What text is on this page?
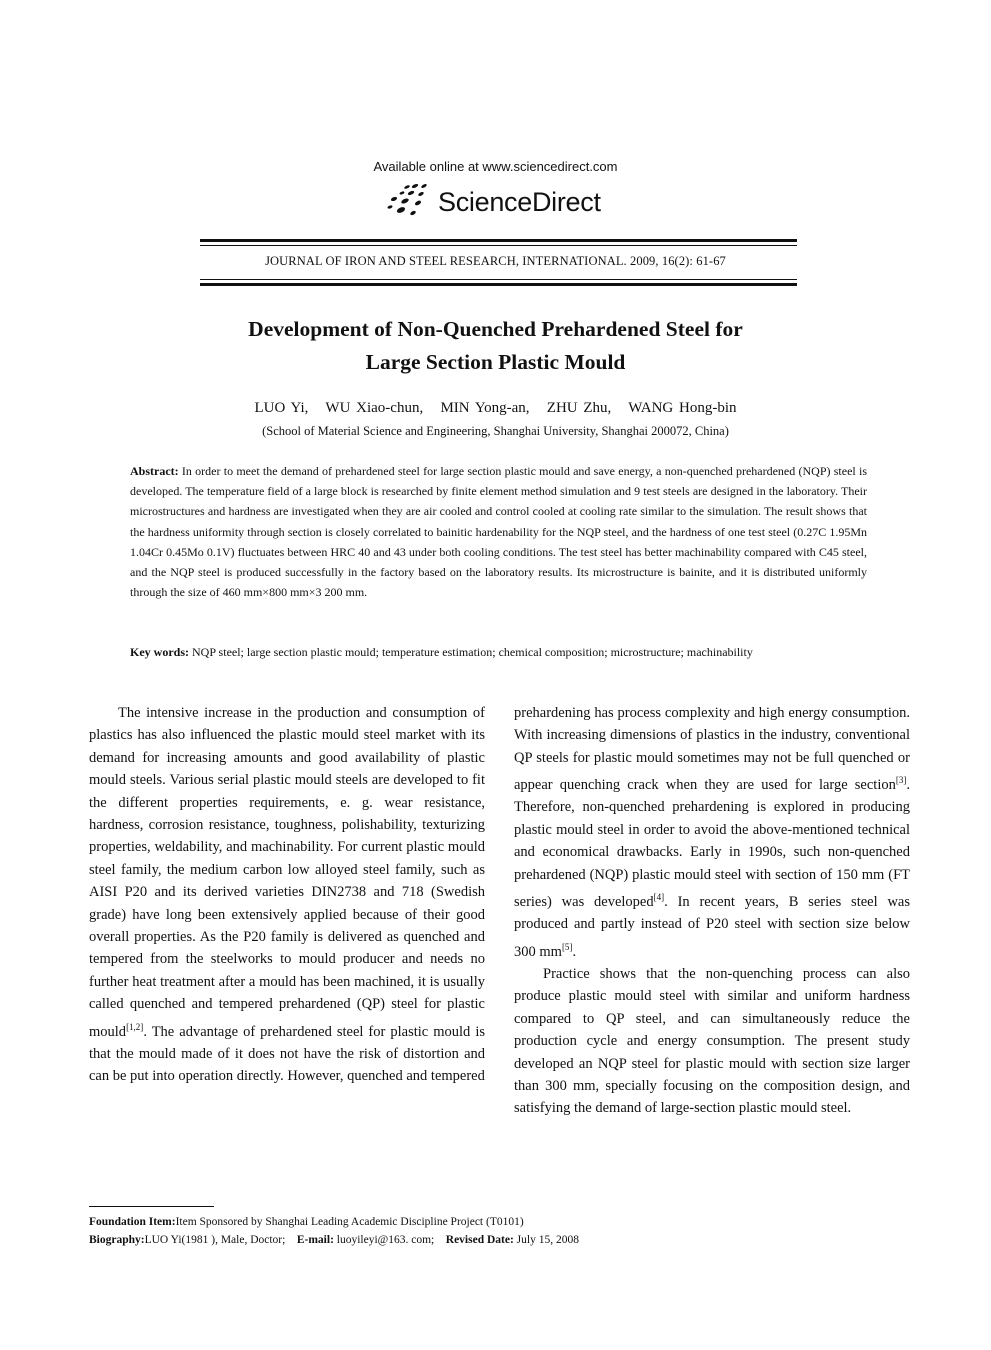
Available online at www.sciencedirect.com
ScienceDirect
JOURNAL OF IRON AND STEEL RESEARCH, INTERNATIONAL. 2009, 16(2): 61-67
Development of Non-Quenched Prehardened Steel for
Large Section Plastic Mould
LUO Yi,   WU Xiao-chun,   MIN Yong-an,   ZHU Zhu,   WANG Hong-bin
(School of Material Science and Engineering, Shanghai University, Shanghai 200072, China)
Abstract: In order to meet the demand of prehardened steel for large section plastic mould and save energy, a non-quenched prehardened (NQP) steel is developed. The temperature field of a large block is researched by finite element method simulation and 9 test steels are designed in the laboratory. Their microstructures and hardness are investigated when they are air cooled and control cooled at cooling rate similar to the simulation. The result shows that the hardness uniformity through section is closely correlated to bainitic hardenability for the NQP steel, and the hardness of one test steel (0.27C 1.95Mn 1.04Cr 0.45Mo 0.1V) fluctuates between HRC 40 and 43 under both cooling conditions. The test steel has better machinability compared with C45 steel, and the NQP steel is produced successfully in the factory based on the laboratory results. Its microstructure is bainite, and it is distributed uniformly through the size of 460 mm×800 mm×3 200 mm.
Key words: NQP steel; large section plastic mould; temperature estimation; chemical composition; microstructure; machinability

The intensive increase in the production and consumption of plastics has also influenced the plastic mould steel market with its demand for increasing amounts and good availability of plastic mould steels. Various serial plastic mould steels are developed to fit the different properties requirements, e. g. wear resistance, hardness, corrosion resistance, toughness, polishability, texturizing properties, weldability, and machinability. For current plastic mould steel family, the medium carbon low alloyed steel family, such as AISI P20 and its derived varieties DIN2738 and 718 (Swedish grade) have long been extensively applied because of their good overall properties. As the P20 family is delivered as quenched and tempered from the steelworks to mould producer and needs no further heat treatment after a mould has been machined, it is usually called quenched and tempered prehardened (QP) steel for plastic mould[1,2]. The advantage of prehardened steel for plastic mould is that the mould made of it does not have the risk of distortion and can be put into operation directly. However, quenched and tempered

prehardening has process complexity and high energy consumption. With increasing dimensions of plastics in the industry, conventional QP steels for plastic mould sometimes may not be full quenched or appear quenching crack when they are used for large section[3]. Therefore, non-quenched prehardening is explored in producing plastic mould steel in order to avoid the above-mentioned technical and economical drawbacks. Early in 1990s, such non-quenched prehardened (NQP) plastic mould steel with section of 150 mm (FT series) was developed[4]. In recent years, B series steel was produced and partly instead of P20 steel with section size below 300 mm[5].

Practice shows that the non-quenching process can also produce plastic mould steel with similar and uniform hardness compared to QP steel, and can simultaneously reduce the production cycle and energy consumption. The present study developed an NQP steel for plastic mould with section size larger than 300 mm, specially focusing on the composition design, and satisfying the demand of large-section plastic mould steel.

Foundation Item:Item Sponsored by Shanghai Leading Academic Discipline Project (T0101)
Biography:LUO Yi(1981 ), Male, Doctor; E-mail: luoyileyi@163. com; Revised Date: July 15, 2008
